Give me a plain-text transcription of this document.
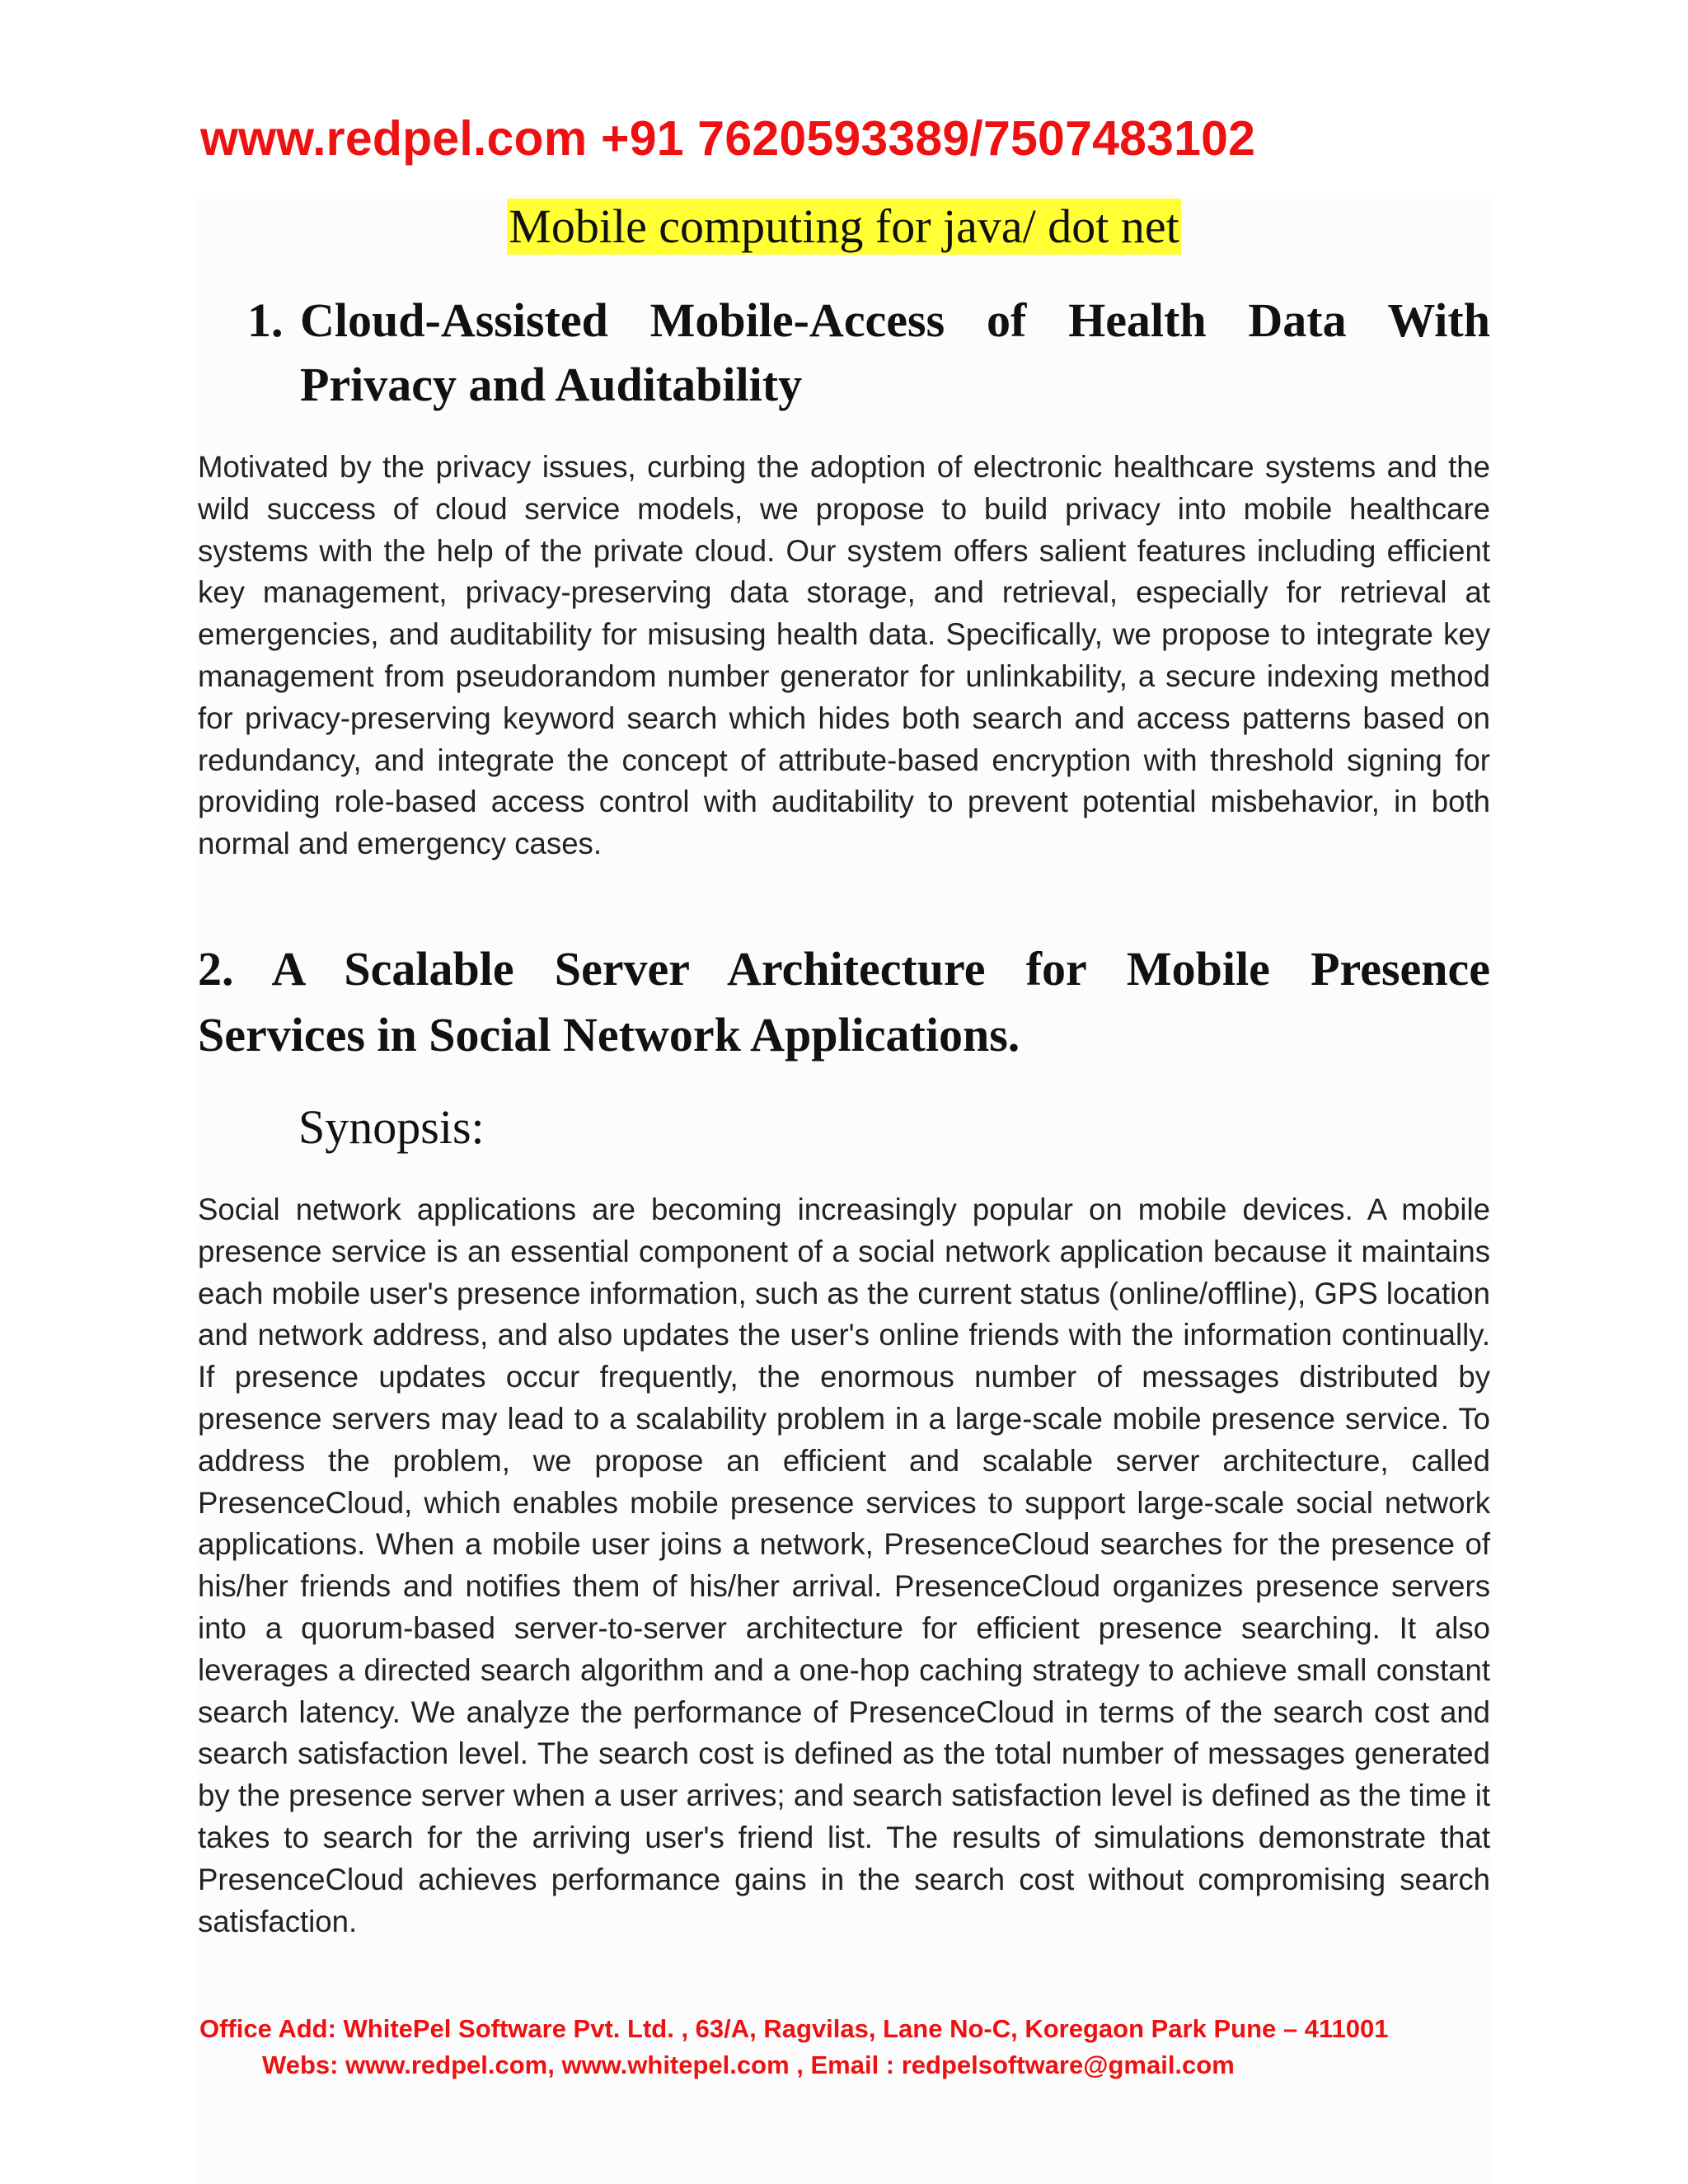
www.redpel.com +91 7620593389/7507483102
Mobile computing for java/ dot net
1. Cloud-Assisted Mobile-Access of Health Data With
Privacy and Auditability

Motivated by the privacy issues, curbing the adoption of electronic healthcare systems and the wild success of cloud service models, we propose to build privacy into mobile healthcare systems with the help of the private cloud. Our system offers salient features including efficient key management, privacy-preserving data storage, and retrieval, especially for retrieval at emergencies, and auditability for misusing health data. Specifically, we propose to integrate key management from pseudorandom number generator for unlinkability, a secure indexing method for privacy-preserving keyword search which hides both search and access patterns based on redundancy, and integrate the concept of attribute-based encryption with threshold signing for providing role-based access control with auditability to prevent potential misbehavior, in both normal and emergency cases.

2. A Scalable Server Architecture for Mobile Presence
Services in Social Network Applications.
Synopsis:

Social network applications are becoming increasingly popular on mobile devices. A mobile presence service is an essential component of a social network application because it maintains each mobile user's presence information, such as the current status (online/offline), GPS location and network address, and also updates the user's online friends with the information continually. If presence updates occur frequently, the enormous number of messages distributed by presence servers may lead to a scalability problem in a large-scale mobile presence service. To address the problem, we propose an efficient and scalable server architecture, called PresenceCloud, which enables mobile presence services to support large-scale social network applications. When a mobile user joins a network, PresenceCloud searches for the presence of his/her friends and notifies them of his/her arrival. PresenceCloud organizes presence servers into a quorum-based server-to-server architecture for efficient presence searching. It also leverages a directed search algorithm and a one-hop caching strategy to achieve small constant search latency. We analyze the performance of PresenceCloud in terms of the search cost and search satisfaction level. The search cost is defined as the total number of messages generated by the presence server when a user arrives; and search satisfaction level is defined as the time it takes to search for the arriving user's friend list. The results of simulations demonstrate that PresenceCloud achieves performance gains in the search cost without compromising search satisfaction.

Office Add: WhitePel Software Pvt. Ltd. , 63/A, Ragvilas, Lane No-C, Koregaon Park Pune – 411001
Webs: www.redpel.com, www.whitepel.com , Email : redpelsoftware@gmail.com
